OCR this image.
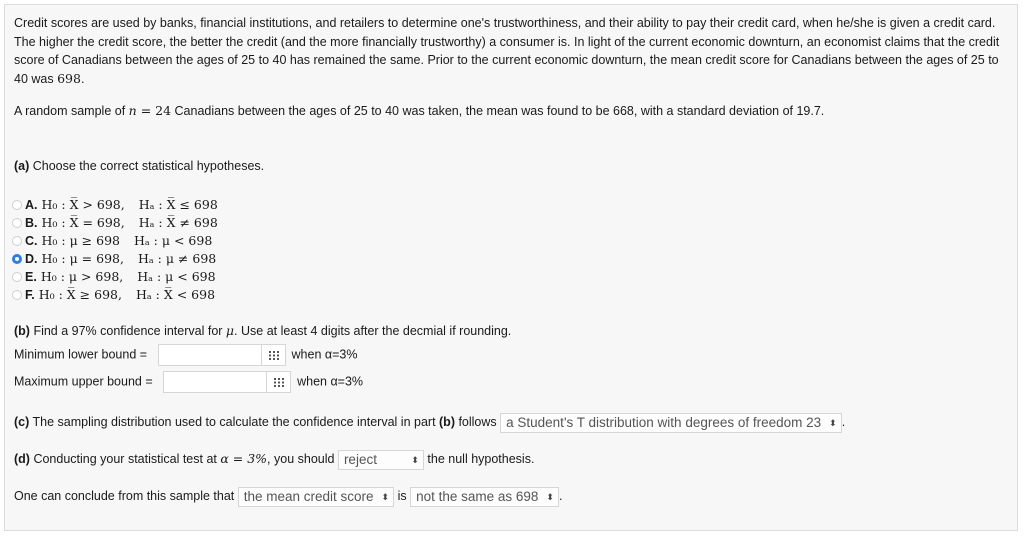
Credit scores are used by banks, financial institutions, and retailers to determine one's trustworthiness, and their ability to pay their credit card, when he/she is given a credit card.
The higher the credit score, the better the credit (and the more financially trustworthy) a consumer is. In light of the current economic downturn, an economist claims that the credit
score of Canadians between the ages of 25 to 40 has remained the same. Prior to the current economic downturn, the mean credit score for Canadians between the ages of 25 to
40 was 698.

A random sample of n = 24 Canadians between the ages of 25 to 40 was taken, the mean was found to be 668, with a standard deviation of 19.7.

(a) Choose the correct statistical hypotheses.

A. H₀ : X̅ > 698, Hₐ : X̅ ≤ 698
B. H₀ : X̅ = 698, Hₐ : X̅ ≠ 698
C. H₀ : μ ≥ 698 Hₐ : μ < 698
D. H₀ : μ = 698, Hₐ : μ ≠ 698
E. H₀ : μ > 698, Hₐ : μ < 698
F. H₀ : X̅ ≥ 698, Hₐ : X̅ < 698

(b) Find a 97% confidence interval for μ. Use at least 4 digits after the decmial if rounding.

Minimum lower bound =	when α=3%
Maximum upper bound =	when α=3%
(c) The sampling distribution used to calculate the confidence interval in part (b) follows a Student's T distribution with degrees of freedom 23 ⬍ .
(d) Conducting your statistical test at α = 3%, you should reject	⬍ the null hypothesis.
One can conclude from this sample that the mean credit score ⬍ is not the same as 698 ⬍ .
